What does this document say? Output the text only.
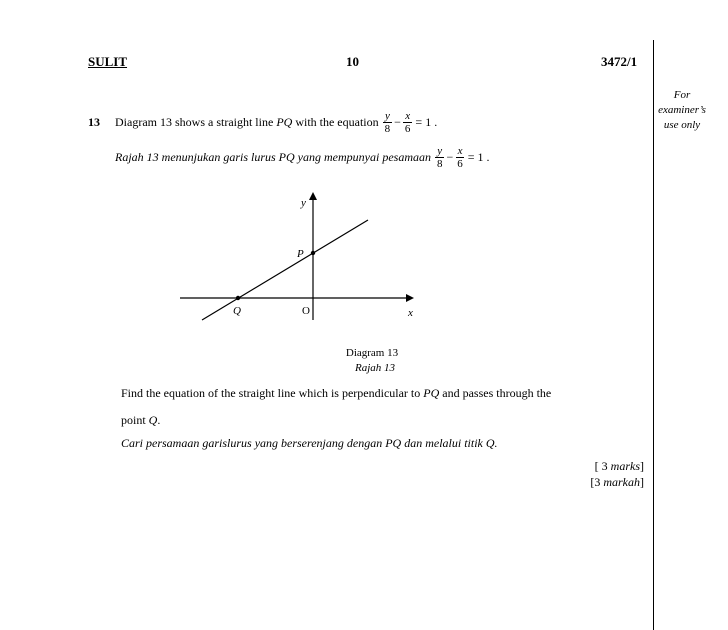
SULIT	10	3472/1
For
examiner’s
use only
13	Diagram 13 shows a straight line PQ with the equation $\frac{y}{8} - \frac{x}{6} = 1$ .
Rajah 13 menunjukan garis lurus PQ yang mempunyai pesamaan $\frac{y}{8} - \frac{x}{6} = 1$ .
y
x
O
P
Q
Diagram 13
Rajah 13
Find the equation of the straight line which is perpendicular to PQ and passes through the
point Q.
Cari persamaan garislurus yang berserenjang dengan PQ dan melalui titik Q.
[ 3 marks]
[3 markah]
